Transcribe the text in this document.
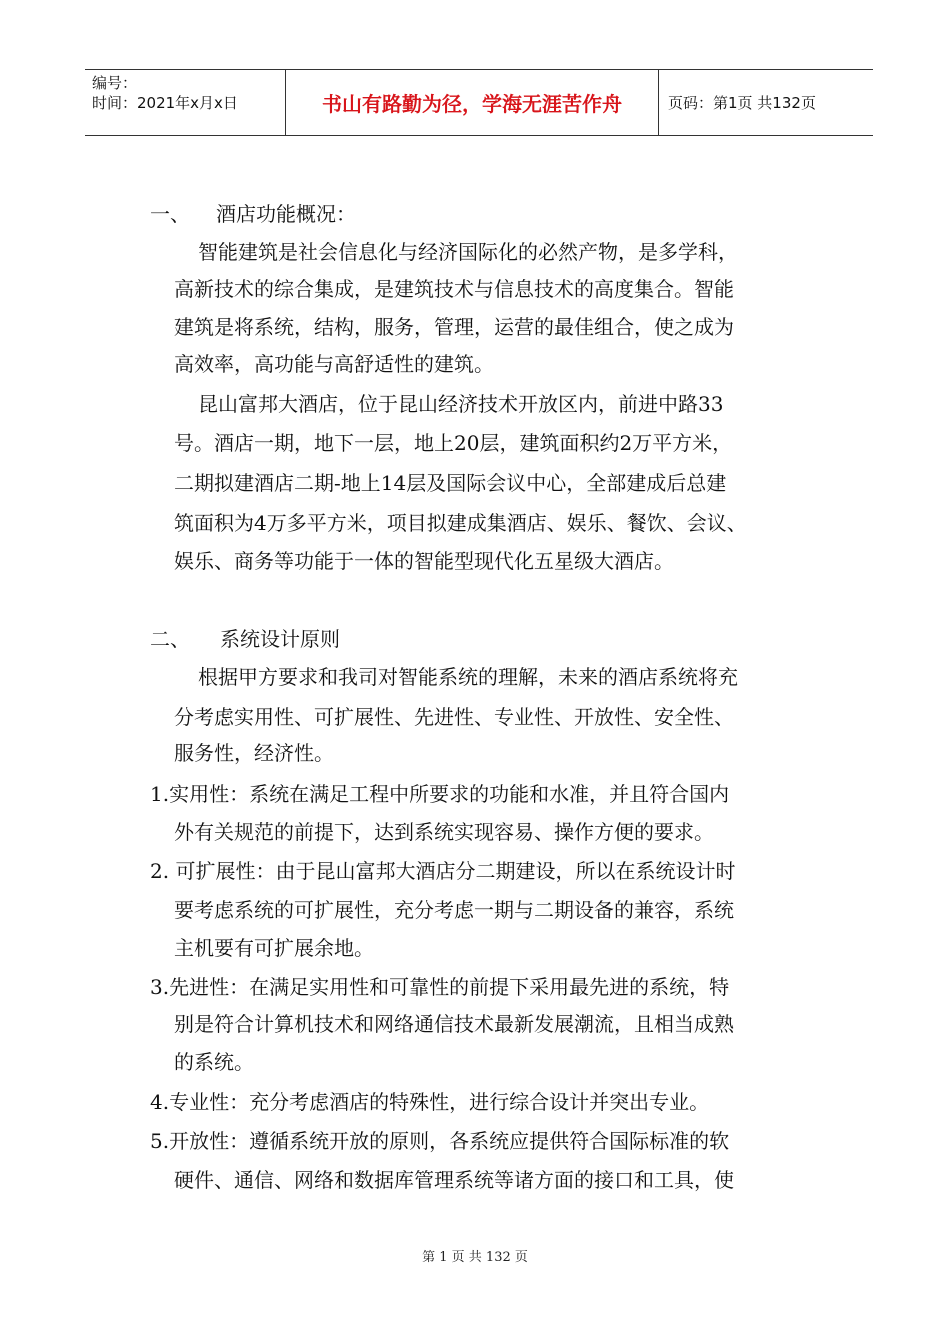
编号：
时间：2021年x月x日	书山有路勤为径，学海无涯苦作舟	页码：第1页 共132页
一、 酒店功能概况：
智能建筑是社会信息化与经济国际化的必然产物，是多学科，
高新技术的综合集成，是建筑技术与信息技术的高度集合。智能
建筑是将系统，结构，服务，管理，运营的最佳组合，使之成为
高效率，高功能与高舒适性的建筑。
昆山富邦大酒店，位于昆山经济技术开放区内，前进中路33
号。酒店一期，地下一层，地上20层，建筑面积约2万平方米，
二期拟建酒店二期-地上14层及国际会议中心，全部建成后总建
筑面积为4万多平方米，项目拟建成集酒店、娱乐、餐饮、会议、
娱乐、商务等功能于一体的智能型现代化五星级大酒店。
二、 系统设计原则
根据甲方要求和我司对智能系统的理解，未来的酒店系统将充
分考虑实用性、可扩展性、先进性、专业性、开放性、安全性、
服务性，经济性。
1.实用性：系统在满足工程中所要求的功能和水准，并且符合国内
外有关规范的前提下，达到系统实现容易、操作方便的要求。
2. 可扩展性：由于昆山富邦大酒店分二期建设，所以在系统设计时
要考虑系统的可扩展性，充分考虑一期与二期设备的兼容，系统
主机要有可扩展余地。
3.先进性：在满足实用性和可靠性的前提下采用最先进的系统，特
别是符合计算机技术和网络通信技术最新发展潮流，且相当成熟
的系统。
4.专业性：充分考虑酒店的特殊性，进行综合设计并突出专业。
5.开放性：遵循系统开放的原则，各系统应提供符合国际标准的软
硬件、通信、网络和数据库管理系统等诸方面的接口和工具，使
第 1 页 共 132 页
